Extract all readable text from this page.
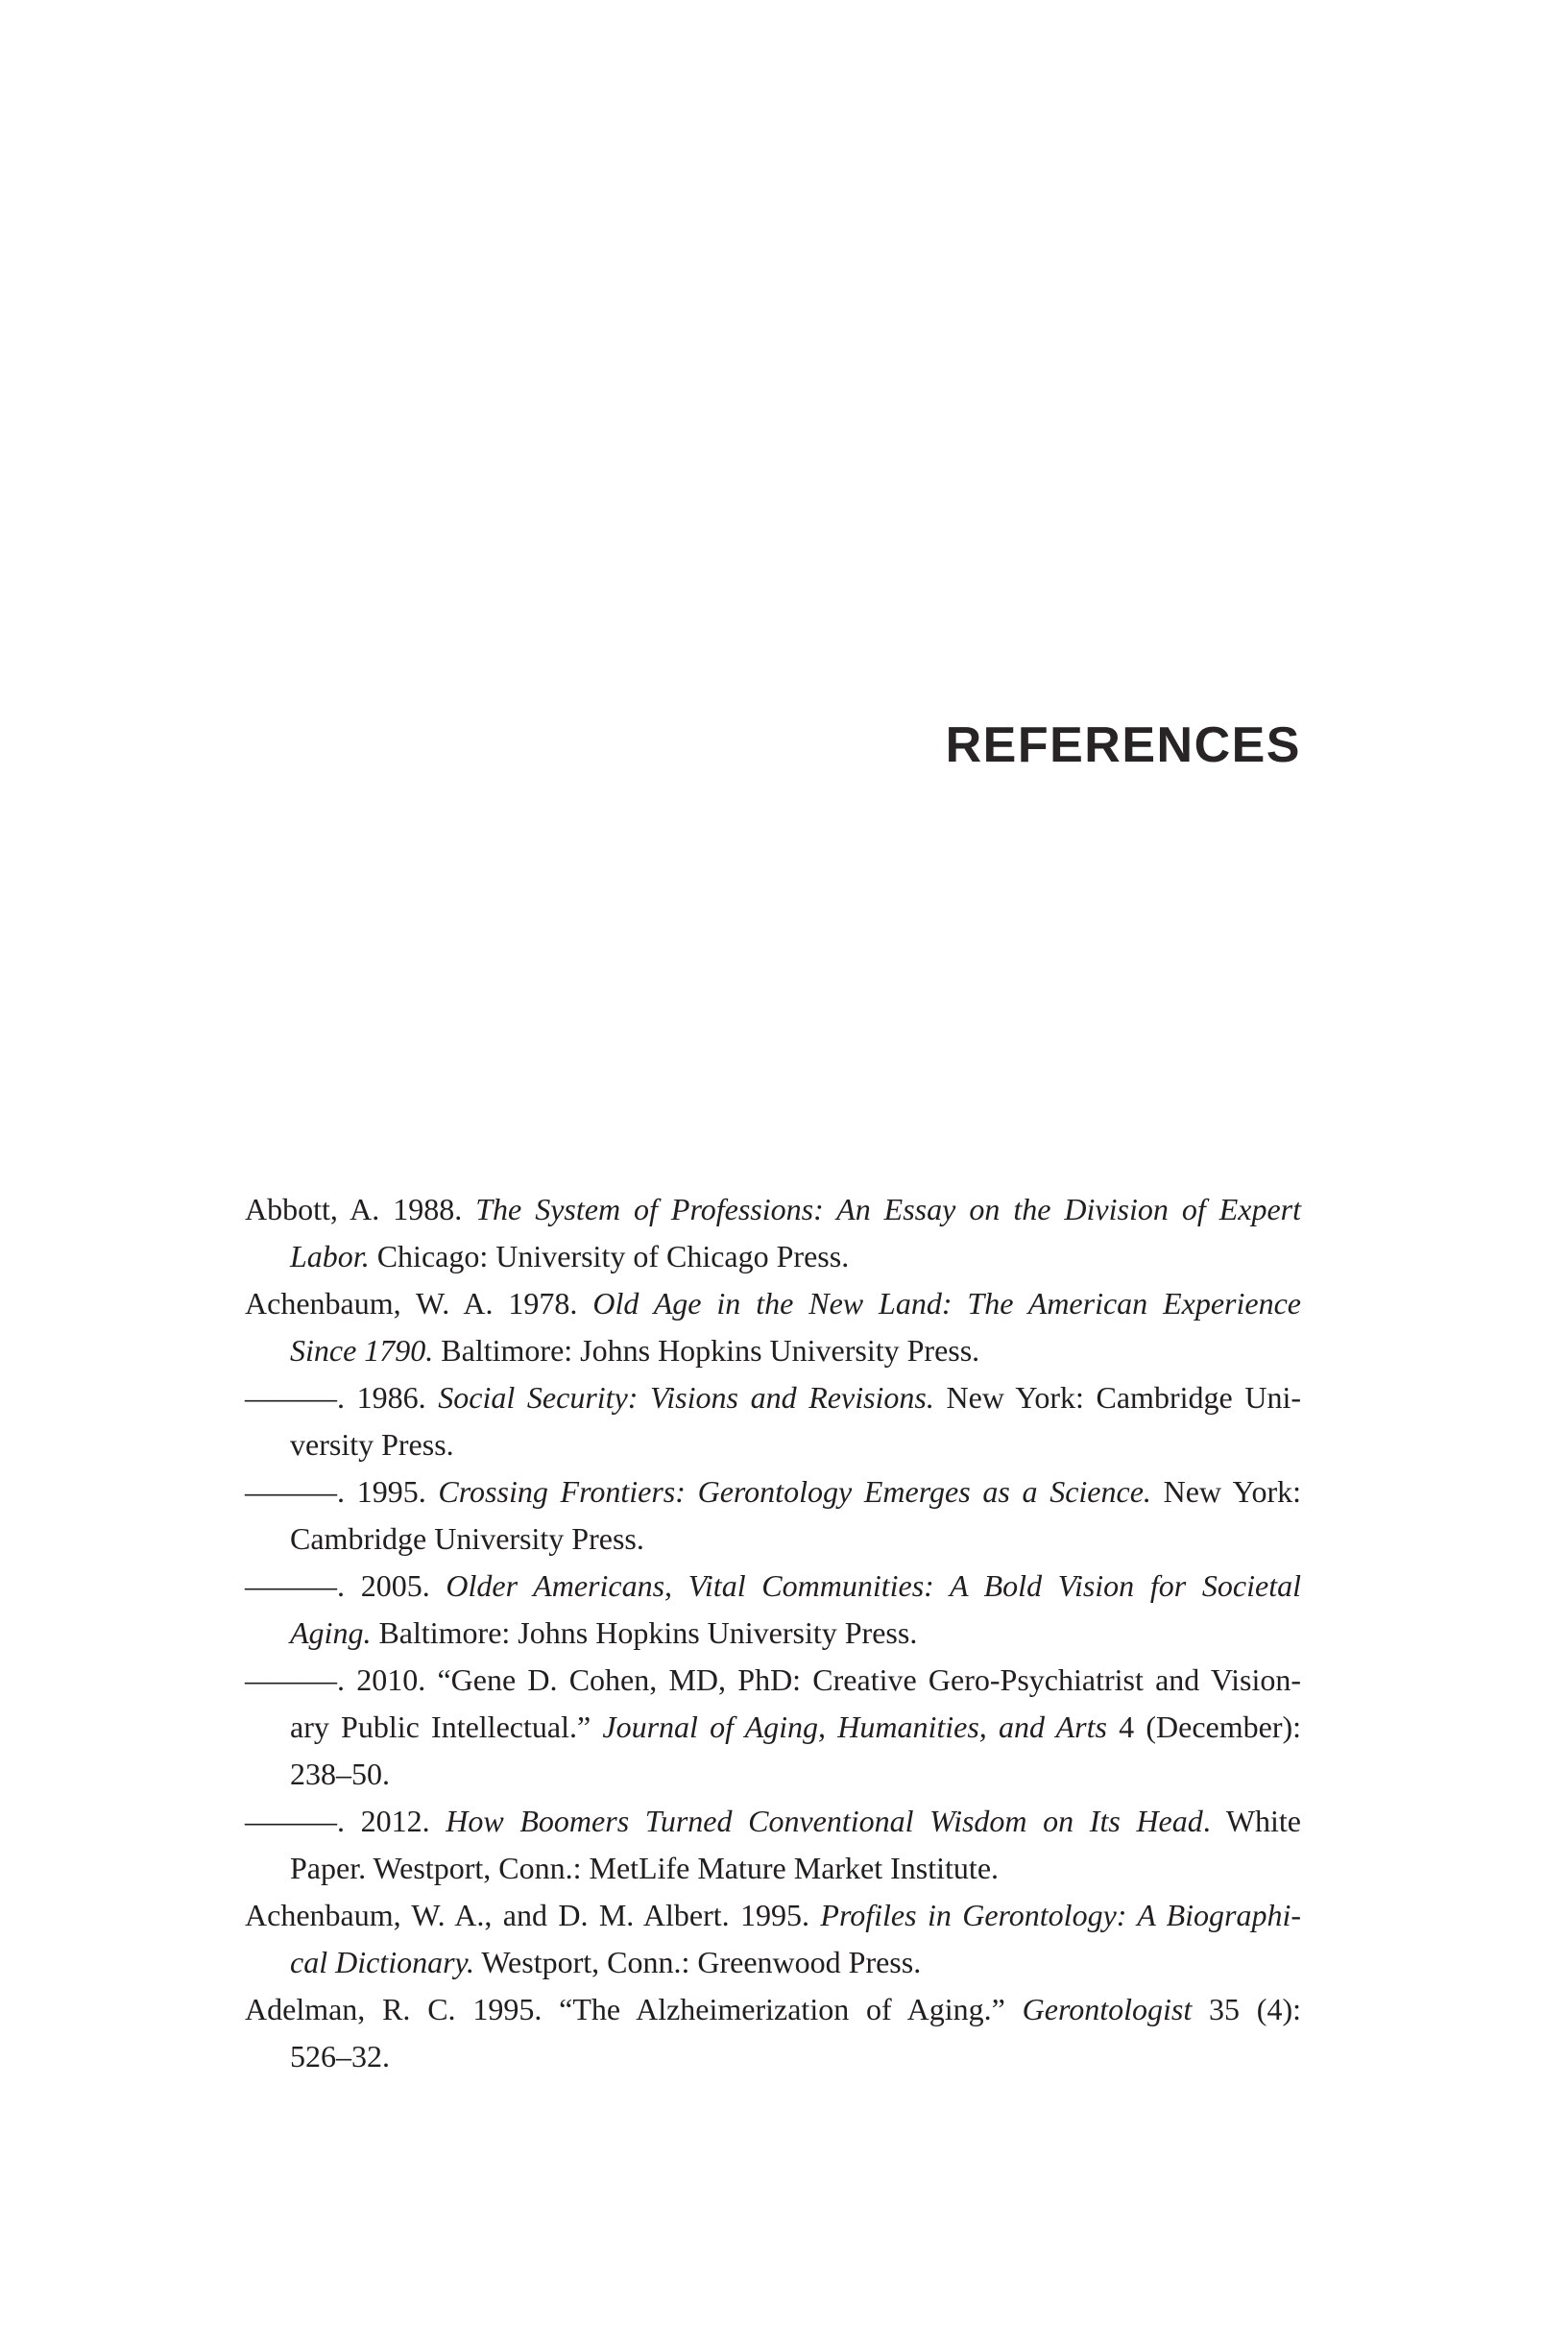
REFERENCES
Abbott, A. 1988. The System of Professions: An Essay on the Division of Expert
Labor. Chicago: University of Chicago Press.
Achenbaum, W. A. 1978. Old Age in the New Land: The American Experience
Since 1790. Baltimore: Johns Hopkins University Press.
———. 1986. Social Security: Visions and Revisions. New York: Cambridge Uni-
versity Press.
———. 1995. Crossing Frontiers: Gerontology Emerges as a Science. New York:
Cambridge University Press.
———. 2005. Older Americans, Vital Communities: A Bold Vision for Societal
Aging. Baltimore: Johns Hopkins University Press.
———. 2010. “Gene D. Cohen, MD, PhD: Creative Gero-Psychiatrist and Vision-
ary Public Intellectual.” Journal of Aging, Humanities, and Arts 4 (December):
238–50.
———. 2012. How Boomers Turned Conventional Wisdom on Its Head. White
Paper. Westport, Conn.: MetLife Mature Market Institute.
Achenbaum, W. A., and D. M. Albert. 1995. Profiles in Gerontology: A Biographi-
cal Dictionary. Westport, Conn.: Greenwood Press.
Adelman, R. C. 1995. “The Alzheimerization of Aging.” Gerontologist 35 (4):
526–32.
